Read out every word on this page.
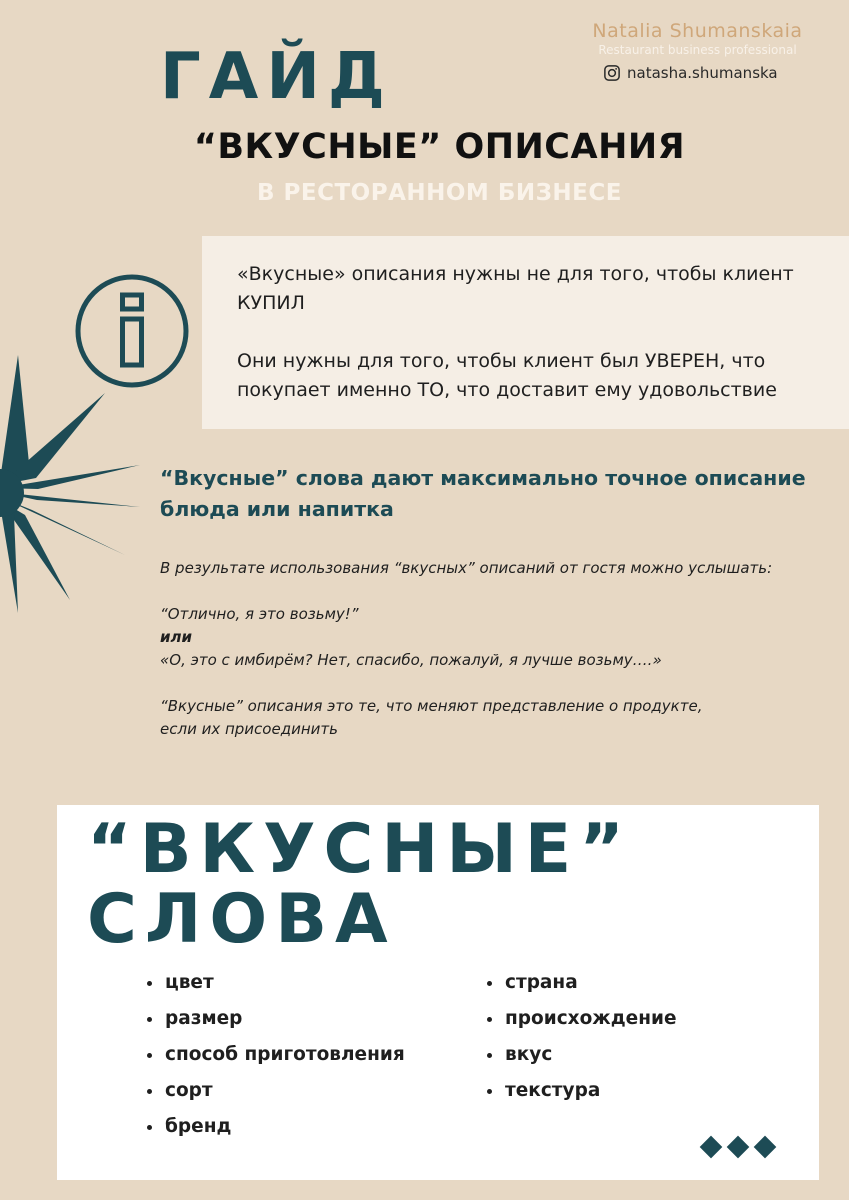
Natalia Shumanskaia
Restaurant business professional
natasha.shumanska
ГАЙД
“ВКУСНЫЕ” ОПИСАНИЯ
В РЕСТОРАННОМ БИЗНЕСЕ

«Вкусные» описания нужны не для того, чтобы клиент КУПИЛ

Они нужны для того, чтобы клиент был УВЕРЕН, что покупает именно ТО, что доставит ему удовольствие

“Вкусные” слова дают максимально точное описание блюда или напитка
В результате использования “вкусных” описаний от гостя можно услышать:
“Отлично, я это возьму!”
или
«О, это с имбирём? Нет, спасибо, пожалуй, я лучше возьму….»
“Вкусные” описания это те, что меняют представление о продукте,
если их присоединить
“ВКУСНЫЕ”
СЛОВА
цвет
размер
способ приготовления
сорт
бренд
страна
происхождение
вкус
текстура
